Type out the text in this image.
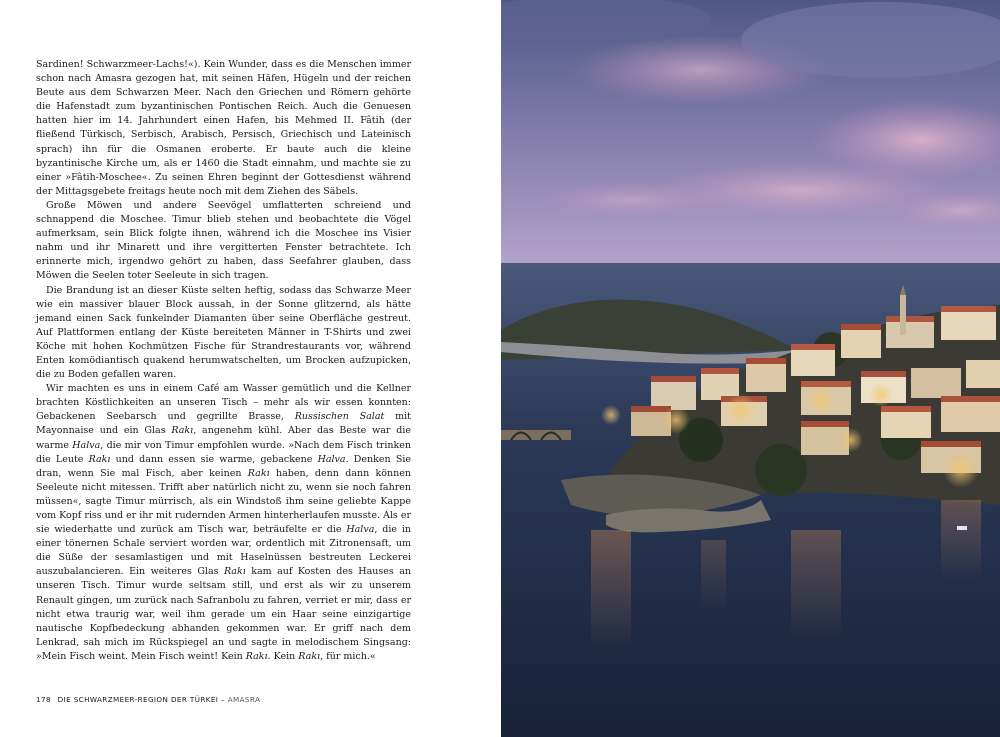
Sardinen! Schwarzmeer-Lachs!«). Kein Wunder, dass es die Menschen immer schon nach Amasra gezogen hat, mit seinen Häfen, Hügeln und der reichen Beute aus dem Schwarzen Meer. Nach den Griechen und Römern gehörte die Hafenstadt zum byzantinischen Pontischen Reich. Auch die Genuesen hatten hier im 14. Jahrhundert einen Hafen, bis Mehmed II. Fâtih (der fließend Türkisch, Serbisch, Arabisch, Persisch, Griechisch und Lateinisch sprach) ihn für die Osmanen eroberte. Er baute auch die kleine byzantinische Kirche um, als er 1460 die Stadt einnahm, und machte sie zu einer »Fâtih-Moschee«. Zu seinen Ehren beginnt der Gottesdienst während der Mittagsgebete freitags heute noch mit dem Ziehen des Säbels.

Große Möwen und andere Seevögel umflatterten schreiend und schnappend die Moschee. Timur blieb stehen und beobachtete die Vögel aufmerksam, sein Blick folgte ihnen, während ich die Moschee ins Visier nahm und ihr Minarett und ihre vergitterten Fenster betrachtete. Ich erinnerte mich, irgendwo gehört zu haben, dass Seefahrer glauben, dass Möwen die Seelen toter Seeleute in sich tragen.

Die Brandung ist an dieser Küste selten heftig, sodass das Schwarze Meer wie ein massiver blauer Block aussah, in der Sonne glitzernd, als hätte jemand einen Sack funkelnder Diamanten über seine Oberfläche gestreut. Auf Plattformen entlang der Küste bereiteten Männer in T-Shirts und zwei Köche mit hohen Kochmützen Fische für Strandrestaurants vor, während Enten komödiantisch quakend herumwatschelten, um Brocken aufzupicken, die zu Boden gefallen waren.

Wir machten es uns in einem Café am Wasser gemütlich und die Kellner brachten Köstlichkeiten an unseren Tisch – mehr als wir essen konnten: Gebackenen Seebarsch und gegrillte Brasse, Russischen Salat mit Mayonnaise und ein Glas Rakı, angenehm kühl. Aber das Beste war die warme Halva, die mir von Timur empfohlen wurde. »Nach dem Fisch trinken die Leute Rakı und dann essen sie warme, gebackene Halva. Denken Sie dran, wenn Sie mal Fisch, aber keinen Rakı haben, denn dann können Seeleute nicht mitessen. Trifft aber natürlich nicht zu, wenn sie noch fahren müssen«, sagte Timur mürrisch, als ein Windstoß ihm seine geliebte Kappe vom Kopf riss und er ihr mit rudernden Armen hinterherlaufen musste. Als er sie wiederhatte und zurück am Tisch war, beträufelte er die Halva, die in einer tönernen Schale serviert worden war, ordentlich mit Zitronensaft, um die Süße der sesamlastigen und mit Haselnüssen bestreuten Leckerei auszubalancieren. Ein weiteres Glas Rakı kam auf Kosten des Hauses an unseren Tisch. Timur wurde seltsam still, und erst als wir zu unserem Renault gingen, um zurück nach Safranbolu zu fahren, verriet er mir, dass er nicht etwa traurig war, weil ihm gerade um ein Haar seine einzigartige nautische Kopfbedeckung abhanden gekommen war. Er griff nach dem Lenkrad, sah mich im Rückspiegel an und sagte in melodischem Singsang: »Mein Fisch weint. Mein Fisch weint! Kein Rakı. Kein Rakı, für mich.«

178 DIE SCHWARZMEER-REGION DER TÜRKEI – AMASRA
